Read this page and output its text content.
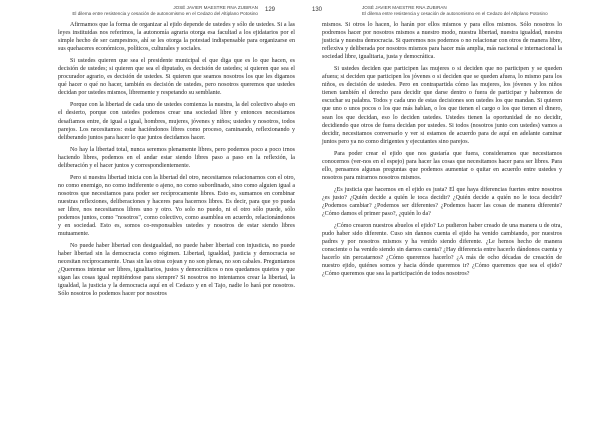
JOSÉ JAVIER MAESTRE RNA ZUBIRAN
El dilema entre resistencia y cesación de autonomismo en el Cedazo del Altiplano Potosino
129

Afirmamos que la forma de organizar al ejido depende de ustedes y sólo de ustedes. Si a las leyes instituidas nos referimos, la autonomía agraria otorga esa facultad a los ejidatarios por el simple hecho de ser campesinos, ahí se les otorga la potestad indispensable para organizarse en sus quehaceres económicos, políticos, culturales y sociales.

Si ustedes quieren que sea el presidente municipal el que diga que es lo que hacen, es decisión de ustedes; si quieren que sea el diputado, es decisión de ustedes; si quieren que sea el procurador agrario, es decisión de ustedes. Si quieren que seamos nosotros los que les digamos qué hacer o qué no hacer, también es decisión de ustedes, pero nosotros queremos que ustedes decidan por ustedes mismos, libremente y respetando su semblante.

Porque con la libertad de cada uno de ustedes comienza la nuestra, la del colectivo abajo en el desierto, porque con ustedes podemos crear una sociedad libre y entonces necesitamos desafiamos entre, de igual a igual, hombres, mujeres, jóvenes y niños; ustedes y nosotros, todos parejos. Los necesitamos: estar haciéndonos libres como proceso, caminando, reflexionando y deliberando juntos para hacer lo que juntos decidamos hacer.

No hay la libertad total, nunca seremos plenamente libres, pero podemos poco a poco irnos haciendo libres, podemos en el andar estar siendo libres paso a paso en la reflexión, la deliberación y el hacer juntos y correspondientemente.

Pero si nuestra libertad inicia con la libertad del otro, necesitamos relacionarnos con el otro, no como enemigo, no como indiferente o ajeno, no como subordinado, sino como alguien igual a nosotros que necesitamos para poder ser recíprocamente libres. Esto es, sumamos en combinar nuestras reflexiones, deliberaciones y haceres para hacernos libres. Es decir, para que yo pueda ser libre, nos necesitamos libres uno y otro. Yo solo no puedo, ni el otro sólo puede, sólo podemos juntos, como "nosotros", como colectivo, como asamblea en acuerdo, relacionándonos y en sociedad. Esto es, somos co-responsables ustedes y nosotros de estar siendo libres mutuamente.

No puede haber libertad con desigualdad, no puede haber libertad con injusticia, no puede haber libertad sin la democracia como régimen. Libertad, igualdad, justicia y democracia se necesitan recíprocamente. Unas sin las otras cojean y no son plenas, no son cabales. Preguntamos ¿Queremos intentar ser libres, igualitarios, justos y democráticos o nos quedamos quietos y que sigan las cosas igual repitiéndose para siempre? Si nosotros no intentamos crear la libertad, la igualdad, la justicia y la democracia aquí en el Cedazo y en el Tajo, nadie lo hará por nosotros. Sólo nosotros lo podemos hacer por nosotros

130	JOSÉ JAVIER MAESTRE RNA ZUBIRAN
El dilema entre resistencia y cesación de autonomismo en el Cedazo del Altiplano Potosino

mismos. Si otros lo hacen, lo harán por ellos mismos y para ellos mismos. Sólo nosotros lo podremos hacer por nosotros mismos a nuestro modo, nuestra libertad, nuestra igualdad, nuestra justicia y nuestra democracia. Si queremos nos podemos o no relacionar con otros de manera libre, reflexiva y deliberada por nosotros mismos para hacer más amplia, más nacional e internacional la sociedad libre, igualitaria, justa y democrática.

Si ustedes deciden que participen las mujeres o si deciden que no participen y se queden afuera; si deciden que participen los jóvenes o si deciden que se queden afuera, lo mismo para los niños, es decisión de ustedes. Pero en contrapartida cómo las mujeres, los jóvenes y los niños tienen también el derecho para decidir que darse dentro o fuera de participar y habremos de escuchar su palabra. Todos y cada uno de estas decisiones son ustedes los que mandan. Si quieren que uno o unos pocos o los que más hablan, o los que tienen el cargo o los que tienen el dinero, sean los que decidan, eso lo deciden ustedes. Ustedes tienen la oportunidad de no decidir, decidiendo que otros de fuera decidan por ustedes. Si todos (nosotros junto con ustedes) vamos a decidir, necesitamos conversarlo y ver si estamos de acuerdo para de aquí en adelante caminar juntos pero ya no como dirigentes y ejecutantes sino parejos.

Para poder crear el ejido que nos gustaría que fuera, consideramos que necesitamos conocernos (ver-nos en el espejo) para hacer las cosas que necesitamos hacer para ser libres. Para ello, pensamos algunas preguntas que podemos aumentar o quitar en acuerdo entre ustedes y nosotros para mirarnos nosotros mismos.

¿Es justicia que hacemos en el ejido es justa? El que haya diferencias fuertes entre nosotros ¿es justo? ¿Quién decide a quién le toca decidir? ¿Quién decide a quién no le toca decidir? ¿Podemos cambiar? ¿Podemos ser diferentes? ¿Podemos hacer las cosas de manera diferente? ¿Cómo damos el primer paso?, ¿quién lo da?

¿Cómo crearon nuestros abuelos el ejido? Lo pudieron haber creado de una manera u de otra, pudo haber sido diferente. Cuso sin dannos cuenta el ejido ha venido cambiando, por nuestros padres y por nosotros mismos y ha venido siendo diferente. ¿Le hemos hecho de manera consciente o ha venido siendo sin darnos cuenta? ¿Hay diferencia entre hacerlo dándonos cuenta y hacerlo sin percatarnos? ¿Cómo queremos hacerlo? ¿A más de ocho décadas de creación de nuestro ejido, quiénes somos y hacia dónde queremos ir? ¿Cómo queremos que sea el ejido? ¿Cómo queremos que sea la participación de todos nosotros?
